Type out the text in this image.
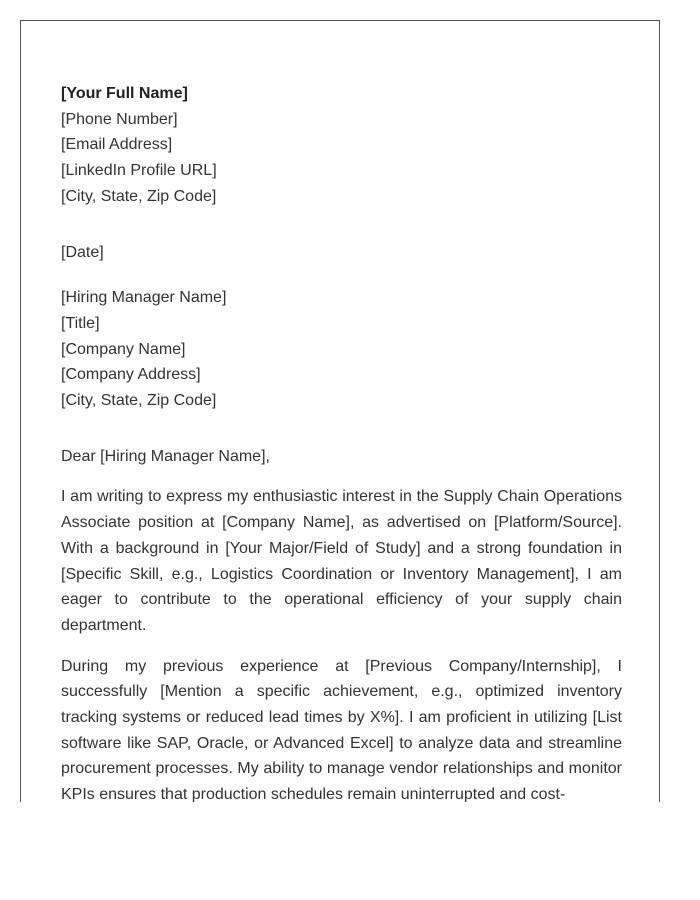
[Your Full Name]
[Phone Number]
[Email Address]
[LinkedIn Profile URL]
[City, State, Zip Code]
[Date]
[Hiring Manager Name]
[Title]
[Company Name]
[Company Address]
[City, State, Zip Code]
Dear [Hiring Manager Name],

I am writing to express my enthusiastic interest in the Supply Chain Operations Associate position at [Company Name], as advertised on [Platform/Source]. With a background in [Your Major/Field of Study] and a strong foundation in [Specific Skill, e.g., Logistics Coordination or Inventory Management], I am eager to contribute to the operational efficiency of your supply chain department.

During my previous experience at [Previous Company/Internship], I successfully [Mention a specific achievement, e.g., optimized inventory tracking systems or reduced lead times by X%]. I am proficient in utilizing [List software like SAP, Oracle, or Advanced Excel] to analyze data and streamline procurement processes. My ability to manage vendor relationships and monitor KPIs ensures that production schedules remain uninterrupted and cost-
